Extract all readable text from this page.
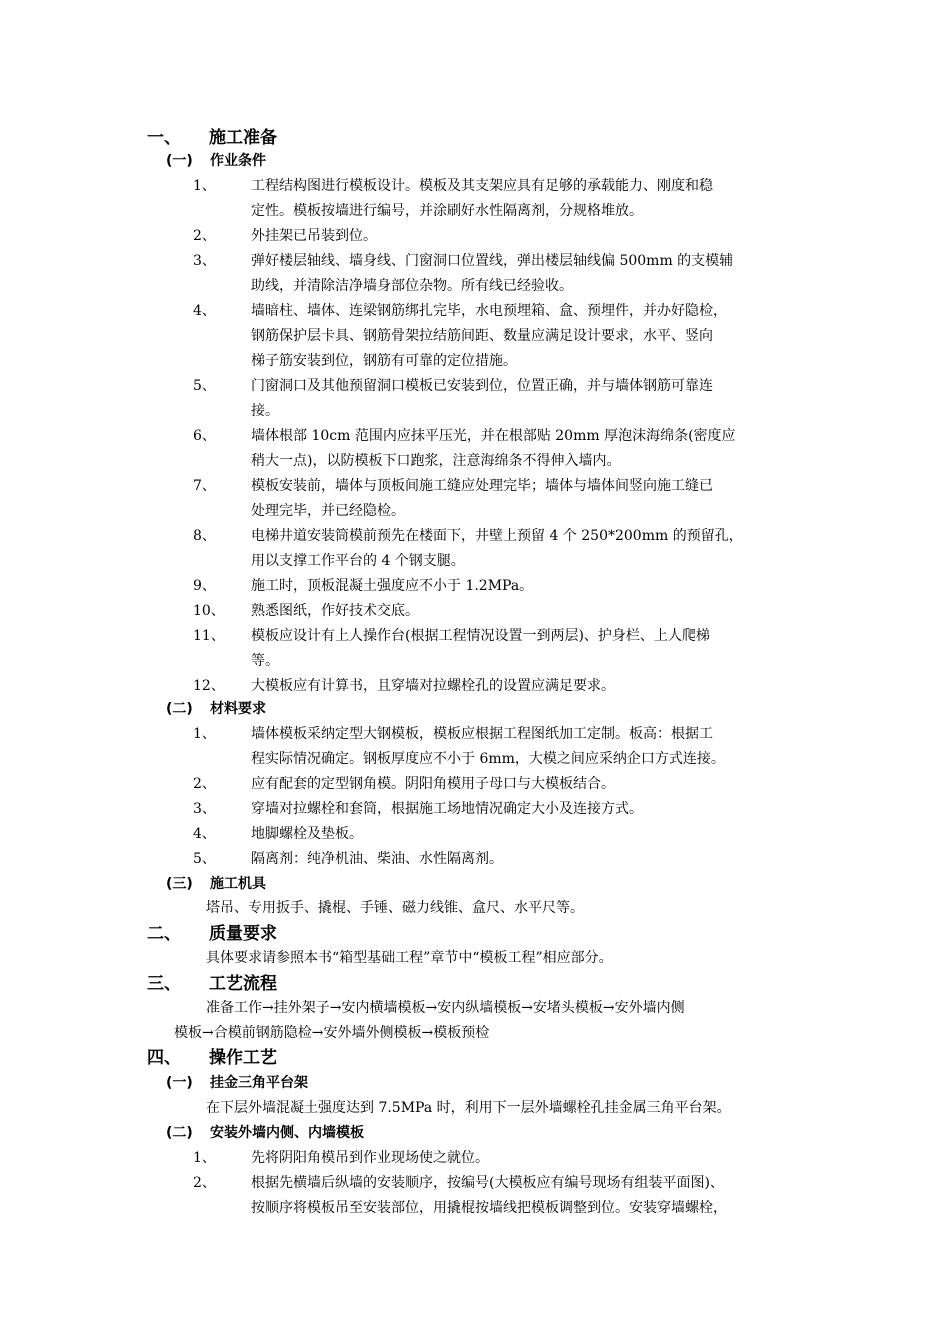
一、 施工准备
(一) 作业条件
1、	工程结构图进行模板设计。模板及其支架应具有足够的承载能力、刚度和稳
定性。模板按墙进行编号，并涂刷好水性隔离剂，分规格堆放。
2、	外挂架已吊装到位。
3、	弹好楼层轴线、墙身线、门窗洞口位置线，弹出楼层轴线偏 500mm 的支模辅
助线，并清除洁净墙身部位杂物。所有线已经验收。
4、	墙暗柱、墙体、连梁钢筋绑扎完毕，水电预埋箱、盒、预埋件，并办好隐检，
钢筋保护层卡具、钢筋骨架拉结筋间距、数量应满足设计要求，水平、竖向
梯子筋安装到位，钢筋有可靠的定位措施。
5、	门窗洞口及其他预留洞口模板已安装到位，位置正确，并与墙体钢筋可靠连
接。
6、	墙体根部 10cm 范围内应抹平压光，并在根部贴 20mm 厚泡沫海绵条(密度应
稍大一点)，以防模板下口跑浆，注意海绵条不得伸入墙内。
7、	模板安装前，墙体与顶板间施工缝应处理完毕；墙体与墙体间竖向施工缝已
处理完毕，并已经隐检。
8、	电梯井道安装筒模前预先在楼面下，井壁上预留 4 个 250*200mm 的预留孔，
用以支撑工作平台的 4 个钢支腿。
9、	施工时，顶板混凝土强度应不小于 1.2MPa。
10、 熟悉图纸，作好技术交底。
11、 模板应设计有上人操作台(根据工程情况设置一到两层)、护身栏、上人爬梯
等。
12、 大模板应有计算书，且穿墙对拉螺栓孔的设置应满足要求。
(二) 材料要求
1、	墙体模板采纳定型大钢模板，模板应根据工程图纸加工定制。板高：根据工
程实际情况确定。钢板厚度应不小于 6mm，大模之间应采纳企口方式连接。
2、	应有配套的定型钢角模。阴阳角模用子母口与大模板结合。
3、	穿墙对拉螺栓和套筒，根据施工场地情况确定大小及连接方式。
4、	地脚螺栓及垫板。
5、	隔离剂：纯净机油、柴油、水性隔离剂。
(三) 施工机具
塔吊、专用扳手、撬棍、手锤、磁力线锥、盒尺、水平尺等。
二、 质量要求
具体要求请参照本书“箱型基础工程”章节中“模板工程”相应部分。
三、 工艺流程
准备工作→挂外架子→安内横墙模板→安内纵墙模板→安堵头模板→安外墙内侧
模板→合模前钢筋隐检→安外墙外侧模板→模板预检
四、 操作工艺
(一) 挂金三角平台架
在下层外墙混凝土强度达到 7.5MPa 时，利用下一层外墙螺栓孔挂金属三角平台架。
(二) 安装外墙内侧、内墙模板
1、	先将阴阳角模吊到作业现场使之就位。
2、	根据先横墙后纵墙的安装顺序，按编号(大模板应有编号现场有组装平面图)、
按顺序将模板吊至安装部位，用撬棍按墙线把模板调整到位。安装穿墙螺栓，
